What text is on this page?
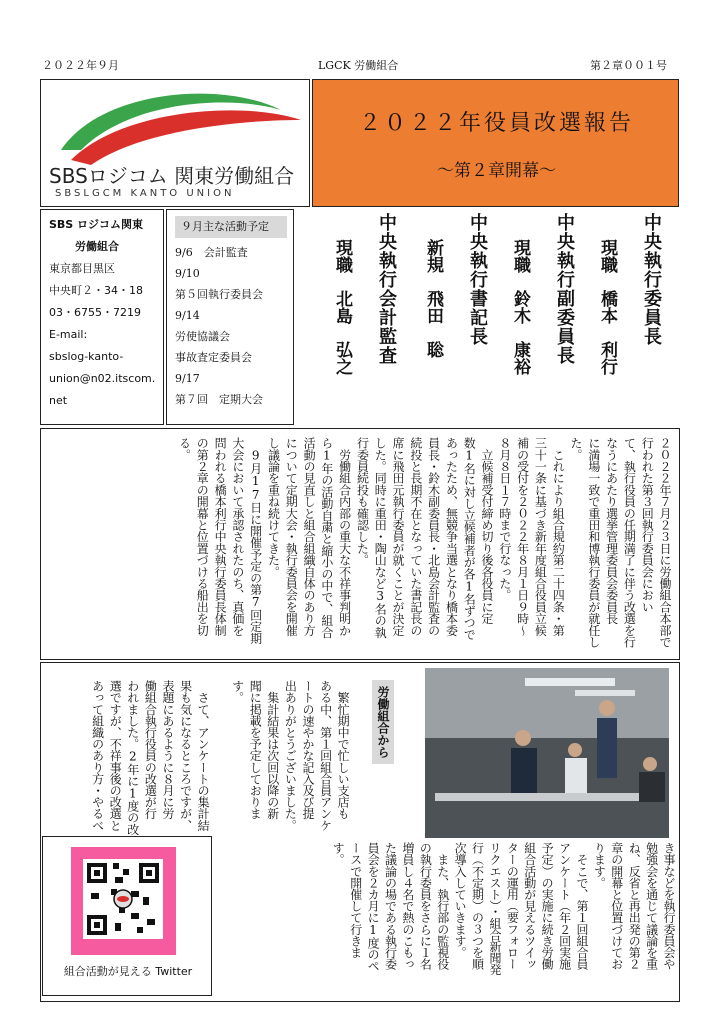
２０２２年９月	LGCK 労働組合	第２章００１号
SBSロジコム 関東労働組合
SBSLGCM KANTO UNION
２０２２年役員改選報告
～第２章開幕～
SBS ロジコム関東
労働組合
東京都目黒区
中央町２・34・18
03・6755・7219
E-mail:
sbslog-kanto-
union@n02.itscom.
net
９月主な活動予定
9/6　会計監査
9/10
第５回執行委員会
9/14
労使協議会
事故査定委員会
9/17
第７回　定期大会
中央執行委員長
現職　橋本　利行
中央執行副委員長
現職　鈴木　康裕
中央執行書記長
新規　飛田　聡
中央執行会計監査
現職　北島　弘之
２０２２年７月２３日に労働組合本部で行われた第３回執行委員会におい
て、執行役員の任期満了に伴う改選を行なうにあたり選挙管理委員会委員長
に満場一致で重田和博執行委員が就任した。
　これにより組合規約第二十四条・第
三十一条に基づき新年度組合役員立候
補の受付を２０２２年８月１日９時～
８月８日１７時まで行なった。
　立候補受付締め切り後各役員に定
数1名に対し立候補者が各1名ずつで
あったため、無競争当選となり橋本委
員長・鈴木副委員長・北島会計監査の
続投と長期不在となっていた書記長の
席に飛田元執行委員が就くことが決定
した。同時に重田・陶山など3名の執
行委員続投も確認した。
　労働組合内部の重大な不祥事判明か
ら1年の活動自粛と縮小の中で、組合
活動の見直しと組合組織自体のあり方
について定期大会・執行委員会を開催
し議論を重ね続けてきた。
　9月17日に開催予定の第7回定期
大会において承認されたのち、真価を
問われる橋本利行中央執行委員長体制
の第２章の開幕と位置づける船出を切
る。
き事などを執行委員会や
勉強会を通じて議論を重
ね、反省と再出発の第２
章の開幕と位置づけてお
ります。
　そこで、第１回組合員
アンケート（年２回実施
予定）の実施に続き労働
組合活動が見えるツイッ
ターの運用（要フォロー
リクエスト）・組合新聞発
行（不定期）の３つを順
次導入していきます。
　また、執行部の監視役
の執行委員をさらに１名
増員し４名で熱のこもっ
た議論の場である執行委
員会を２カ月に1度のペ
ースで開催して行きま
す。
労働組合から
　繁忙期中で忙しい支店も
ある中、第１回組合員アンケ
ートの速やかな記入及び提
出ありがとうございました。
　集計結果は次回以降の新
聞に掲載を予定しておりま
す。
　さて、アンケートの集計結
果も気になるところですが、
表題にあるように８月に労
働組合執行役員の改選が行
われました。2年に1度の改
選ですが、不祥事後の改選と
あって組織のあり方・やるべ
組合活動が見える Twitter
